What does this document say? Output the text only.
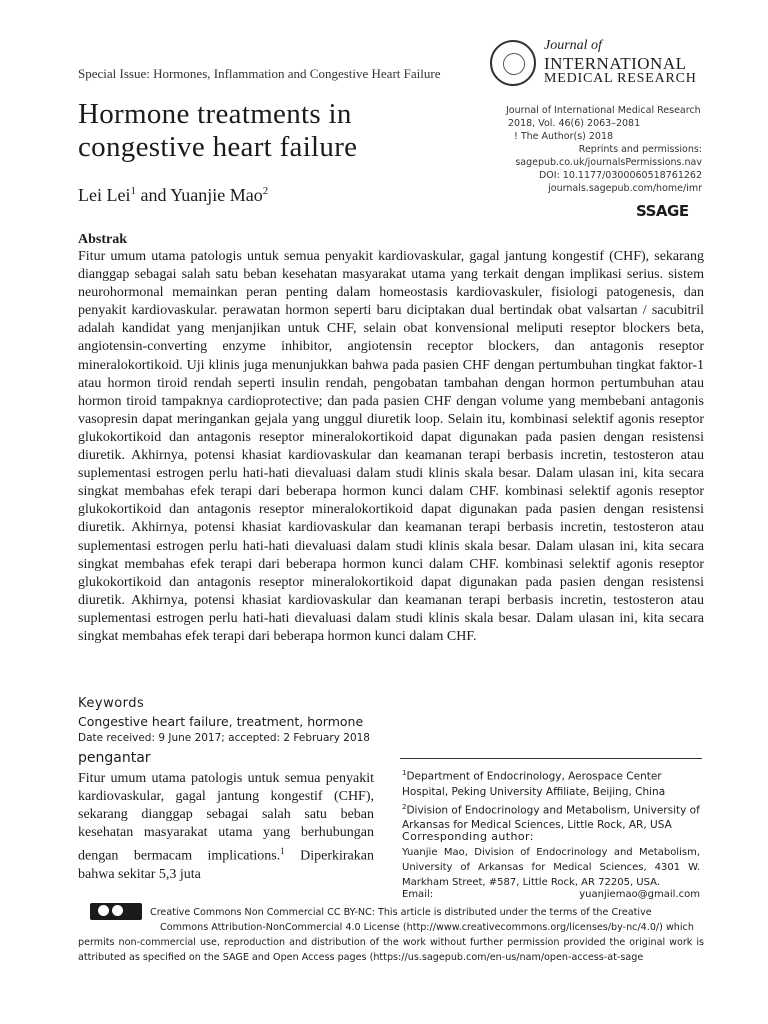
Special Issue: Hormones, Inflammation and Congestive Heart Failure
Journal of
INTERNATIONAL
MEDICAL RESEARCH
Hormone treatments in congestive heart failure
Lei Lei$^1$ and Yuanjie Mao$^2$
Journal of International Medical Research
2018, Vol. 46(6) 2063–2081
! The Author(s) 2018
Reprints and permissions:
sagepub.co.uk/journalsPermissions.nav
DOI: 10.1177/0300060518761262
journals.sagepub.com/home/imr
SSAGE
Abstrak

Fitur umum utama patologis untuk semua penyakit kardiovaskular, gagal jantung kongestif (CHF), sekarang dianggap sebagai salah satu beban kesehatan masyarakat utama yang terkait dengan implikasi serius. sistem neurohormonal memainkan peran penting dalam homeostasis kardiovaskuler, fisiologi patogenesis, dan penyakit kardiovaskular. perawatan hormon seperti baru diciptakan dual bertindak obat valsartan / sacubitril adalah kandidat yang menjanjikan untuk CHF, selain obat konvensional meliputi reseptor blockers beta, angiotensin-converting enzyme inhibitor, angiotensin receptor blockers, dan antagonis reseptor mineralokortikoid. Uji klinis juga menunjukkan bahwa pada pasien CHF dengan pertumbuhan tingkat faktor-1 atau hormon tiroid rendah seperti insulin rendah, pengobatan tambahan dengan hormon pertumbuhan atau hormon tiroid tampaknya cardioprotective; dan pada pasien CHF dengan volume yang membebani antagonis vasopresin dapat meringankan gejala yang unggul diuretik loop. Selain itu, kombinasi selektif agonis reseptor glukokortikoid dan antagonis reseptor mineralokortikoid dapat digunakan pada pasien dengan resistensi diuretik. Akhirnya, potensi khasiat kardiovaskular dan keamanan terapi berbasis incretin, testosteron atau suplementasi estrogen perlu hati-hati dievaluasi dalam studi klinis skala besar. Dalam ulasan ini, kita secara singkat membahas efek terapi dari beberapa hormon kunci dalam CHF. kombinasi selektif agonis reseptor glukokortikoid dan antagonis reseptor mineralokortikoid dapat digunakan pada pasien dengan resistensi diuretik. Akhirnya, potensi khasiat kardiovaskular dan keamanan terapi berbasis incretin, testosteron atau suplementasi estrogen perlu hati-hati dievaluasi dalam studi klinis skala besar. Dalam ulasan ini, kita secara singkat membahas efek terapi dari beberapa hormon kunci dalam CHF. kombinasi selektif agonis reseptor glukokortikoid dan antagonis reseptor mineralokortikoid dapat digunakan pada pasien dengan resistensi diuretik. Akhirnya, potensi khasiat kardiovaskular dan keamanan terapi berbasis incretin, testosteron atau suplementasi estrogen perlu hati-hati dievaluasi dalam studi klinis skala besar. Dalam ulasan ini, kita secara singkat membahas efek terapi dari beberapa hormon kunci dalam CHF.

Keywords
Congestive heart failure, treatment, hormone
Date received: 9 June 2017; accepted: 2 February 2018
pengantar

Fitur umum utama patologis untuk semua penyakit kardiovaskular, gagal jantung kongestif (CHF), sekarang dianggap sebagai salah satu beban kesehatan masyarakat utama yang berhubungan dengan bermacam implications.$^1$ Diperkirakan bahwa sekitar 5,3 juta

$^1$Department of Endocrinology, Aerospace Center Hospital, Peking University Affiliate, Beijing, China

$^2$Division of Endocrinology and Metabolism, University of Arkansas for Medical Sciences, Little Rock, AR, USA

Corresponding author:

Yuanjie Mao, Division of Endocrinology and Metabolism, University of Arkansas for Medical Sciences, 4301 W. Markham Street, #587, Little Rock, AR 72205, USA.

Email:	yuanjiemao@gmail.com

Creative Commons Non Commercial CC BY-NC: This article is distributed under the terms of the Creative
Commons Attribution-NonCommercial 4.0 License (http://www.creativecommons.org/licenses/by-nc/4.0/) which
permits non-commercial use, reproduction and distribution of the work without further permission provided the original work is attributed as specified on the SAGE and Open Access pages (https://us.sagepub.com/en-us/nam/open-access-at-sage
